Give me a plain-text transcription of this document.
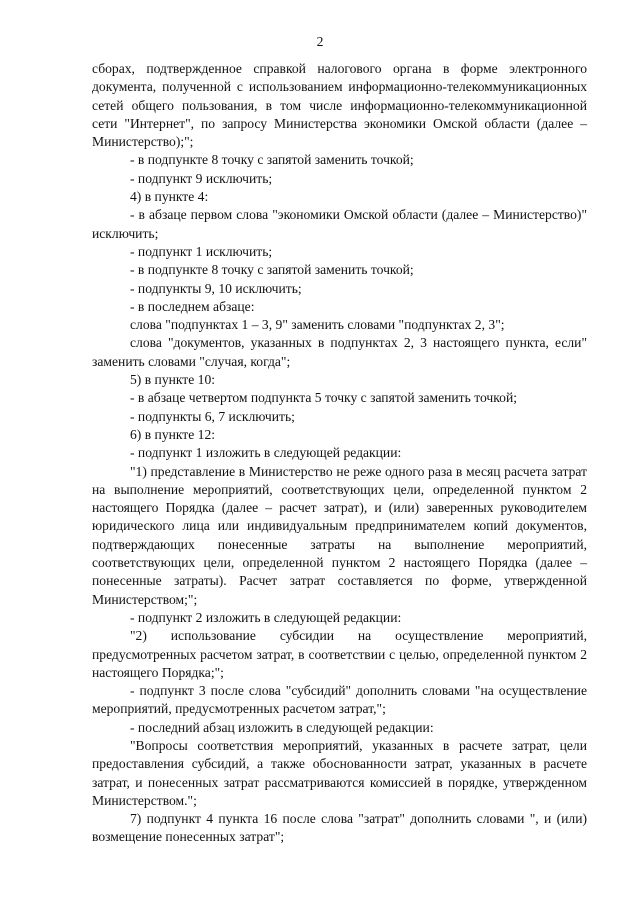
2

сборах, подтвержденное справкой налогового органа в форме электронного документа, полученной с использованием информационно-телекоммуникационных сетей общего пользования, в том числе информационно-телекоммуникационной сети "Интернет", по запросу Министерства экономики Омской области (далее – Министерство);";

- в подпункте 8 точку с запятой заменить точкой;

- подпункт 9 исключить;

4) в пункте 4:

- в абзаце первом слова "экономики Омской области (далее – Министерство)" исключить;

- подпункт 1 исключить;

- в подпункте 8 точку с запятой заменить точкой;

- подпункты 9, 10 исключить;

- в последнем абзаце:

слова "подпунктах 1 – 3, 9" заменить словами "подпунктах 2, 3";

слова "документов, указанных в подпунктах 2, 3 настоящего пункта, если" заменить словами "случая, когда";

5) в пункте 10:

- в абзаце четвертом подпункта 5 точку с запятой заменить точкой;

- подпункты 6, 7 исключить;

6) в пункте 12:

- подпункт 1 изложить в следующей редакции:

"1) представление в Министерство не реже одного раза в месяц расчета затрат на выполнение мероприятий, соответствующих цели, определенной пунктом 2 настоящего Порядка (далее – расчет затрат), и (или) заверенных руководителем юридического лица или индивидуальным предпринимателем копий документов, подтверждающих понесенные затраты на выполнение мероприятий, соответствующих цели, определенной пунктом 2 настоящего Порядка (далее – понесенные затраты). Расчет затрат составляется по форме, утвержденной Министерством;";

- подпункт 2 изложить в следующей редакции:

"2) использование субсидии на осуществление мероприятий, предусмотренных расчетом затрат, в соответствии с целью, определенной пунктом 2 настоящего Порядка;";

- подпункт 3 после слова "субсидий" дополнить словами "на осуществление мероприятий, предусмотренных расчетом затрат,";

- последний абзац изложить в следующей редакции:

"Вопросы соответствия мероприятий, указанных в расчете затрат, цели предоставления субсидий, а также обоснованности затрат, указанных в расчете затрат, и понесенных затрат рассматриваются комиссией в порядке, утвержденном Министерством.";

7) подпункт 4 пункта 16 после слова "затрат" дополнить словами ", и (или) возмещение понесенных затрат";
